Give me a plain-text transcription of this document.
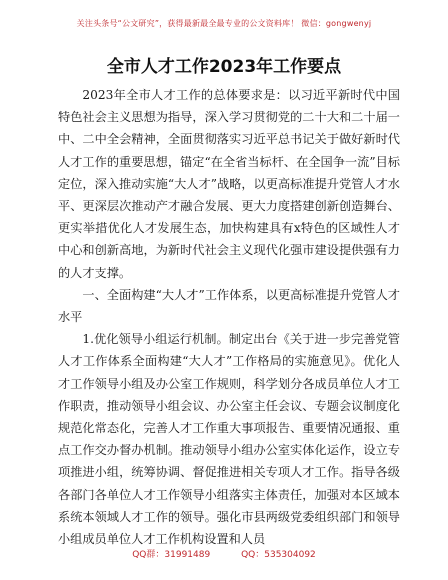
关注头条号“公文研究”，获得最新最全最专业的公文资料库！ 微信：gongwenyj
全市人才工作2023年工作要点

2023年全市人才工作的总体要求是：以习近平新时代中国特色社会主义思想为指导，深入学习贯彻党的二十大和二十届一中、二中全会精神，全面贯彻落实习近平总书记关于做好新时代人才工作的重要思想，锚定“在全省当标杆、在全国争一流”目标定位，深入推动实施“大人才”战略，以更高标准提升党管人才水平、更深层次推动产才融合发展、更大力度搭建创新创造舞台、更实举措优化人才发展生态，加快构建具有x特色的区域性人才中心和创新高地，为新时代社会主义现代化强市建设提供强有力的人才支撑。

一、全面构建“大人才”工作体系，以更高标准提升党管人才水平

1.优化领导小组运行机制。制定出台《关于进一步完善党管人才工作体系全面构建“大人才”工作格局的实施意见》。优化人才工作领导小组及办公室工作规则，科学划分各成员单位人才工作职责，推动领导小组会议、办公室主任会议、专题会议制度化规范化常态化，完善人才工作重大事项报告、重要情况通报、重点工作交办督办机制。推动领导小组办公室实体化运作，设立专项推进小组，统筹协调、督促推进相关专项人才工作。指导各级各部门各单位人才工作领导小组落实主体责任，加强对本区域本系统本领域人才工作的领导。强化市县两级党委组织部门和领导小组成员单位人才工作机构设置和人员

QQ群：31991489	QQ：535304092
